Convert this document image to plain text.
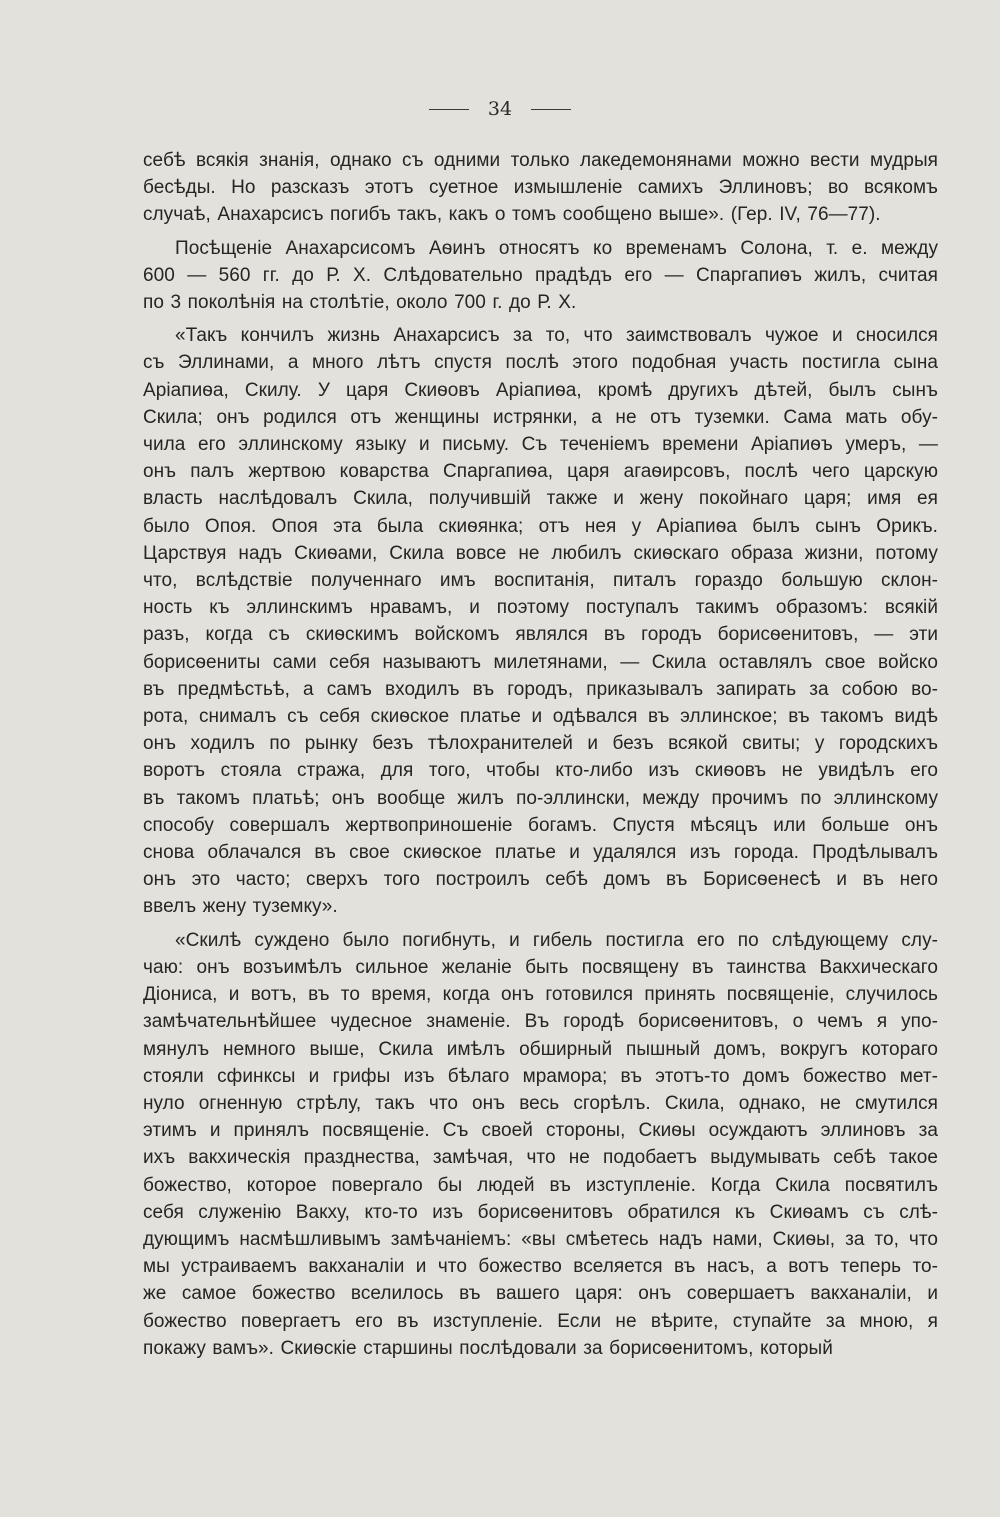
34
себѣ всякія знанія, однако съ одними только лакедемонянами можно вести мудрыя
бесѣды. Но разсказъ этотъ суетное измышленіе самихъ Эллиновъ; во всякомъ
случаѣ, Анахарсисъ погибъ такъ, какъ о томъ сообщено выше». (Гер. IV, 76—77).
Посѣщеніе Анахарсисомъ Аѳинъ относятъ ко временамъ Солона, т. е. между
600 — 560 гг. до Р. Х. Слѣдовательно прадѣдъ его — Спаргапиѳъ жилъ, считая
по 3 поколѣнія на столѣтіе, около 700 г. до Р. Х.
«Такъ кончилъ жизнь Анахарсисъ за то, что заимствовалъ чужое и сносился
съ Эллинами, а много лѣтъ спустя послѣ этого подобная участь постигла сына
Аріапиѳа, Скилу. У царя Скиѳовъ Аріапиѳа, кромѣ другихъ дѣтей, былъ сынъ
Скила; онъ родился отъ женщины истрянки, а не отъ туземки. Сама мать обу-
чила его эллинскому языку и письму. Съ теченіемъ времени Аріапиѳъ умеръ, —
онъ палъ жертвою коварства Спаргапиѳа, царя агаѳирсовъ, послѣ чего царскую
власть наслѣдовалъ Скила, получившій также и жену покойнаго царя; имя ея
было Опоя. Опоя эта была скиѳянка; отъ нея у Аріапиѳа былъ сынъ Орикъ.
Царствуя надъ Скиѳами, Скила вовсе не любилъ скиѳскаго образа жизни, потому
что, вслѣдствіе полученнаго имъ воспитанія, питалъ гораздо большую склон-
ность къ эллинскимъ нравамъ, и поэтому поступалъ такимъ образомъ: всякій
разъ, когда съ скиѳскимъ войскомъ являлся въ городъ борисѳенитовъ, — эти
борисѳениты сами себя называютъ милетянами, — Скила оставлялъ свое войско
въ предмѣстьѣ, а самъ входилъ въ городъ, приказывалъ запирать за собою во-
рота, снималъ съ себя скиѳское платье и одѣвался въ эллинское; въ такомъ видѣ
онъ ходилъ по рынку безъ тѣлохранителей и безъ всякой свиты; у городскихъ
воротъ стояла стража, для того, чтобы кто-либо изъ скиѳовъ не увидѣлъ его
въ такомъ платьѣ; онъ вообще жилъ по-эллински, между прочимъ по эллинскому
способу совершалъ жертвоприношеніе богамъ. Спустя мѣсяцъ или больше онъ
снова облачался въ свое скиѳское платье и удалялся изъ города. Продѣлывалъ
онъ это часто; сверхъ того построилъ себѣ домъ въ Борисѳенесѣ и въ него
ввелъ жену туземку».
«Скилѣ суждено было погибнуть, и гибель постигла его по слѣдующему слу-
чаю: онъ возъимѣлъ сильное желаніе быть посвящену въ таинства Вакхическаго
Діониса, и вотъ, въ то время, когда онъ готовился принять посвященіе, случилось
замѣчательнѣйшее чудесное знаменіе. Въ городѣ борисѳенитовъ, о чемъ я упо-
мянулъ немного выше, Скила имѣлъ обширный пышный домъ, вокругъ котораго
стояли сфинксы и грифы изъ бѣлаго мрамора; въ этотъ-то домъ божество мет-
нуло огненную стрѣлу, такъ что онъ весь сгорѣлъ. Скила, однако, не смутился
этимъ и принялъ посвященіе. Съ своей стороны, Скиѳы осуждаютъ эллиновъ за
ихъ вакхическія празднества, замѣчая, что не подобаетъ выдумывать себѣ такое
божество, которое повергало бы людей въ изступленіе. Когда Скила посвятилъ
себя служенію Вакху, кто-то изъ борисѳенитовъ обратился къ Скиѳамъ съ слѣ-
дующимъ насмѣшливымъ замѣчаніемъ: «вы смѣетесь надъ нами, Скиѳы, за то, что
мы устраиваемъ вакханаліи и что божество вселяется въ насъ, а вотъ теперь то-
же самое божество вселилось въ вашего царя: онъ совершаетъ вакханаліи, и
божество повергаетъ его въ изступленіе. Если не вѣрите, ступайте за мною, я
покажу вамъ». Скиѳскіе старшины послѣдовали за борисѳенитомъ, который
